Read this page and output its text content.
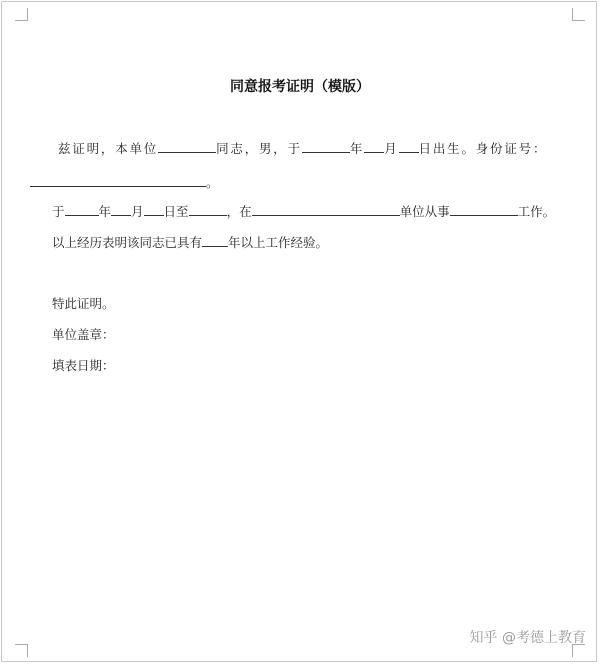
同意报考证明（模版）
兹证明，本单位	同志，男，于	年 月 日出生。身份证号：
。
于	年 月 日至	，在	单位从事	工作。
以上经历表明该同志已具有 年以上工作经验。
特此证明。
单位盖章：
填表日期：
知乎 @考德上教育
